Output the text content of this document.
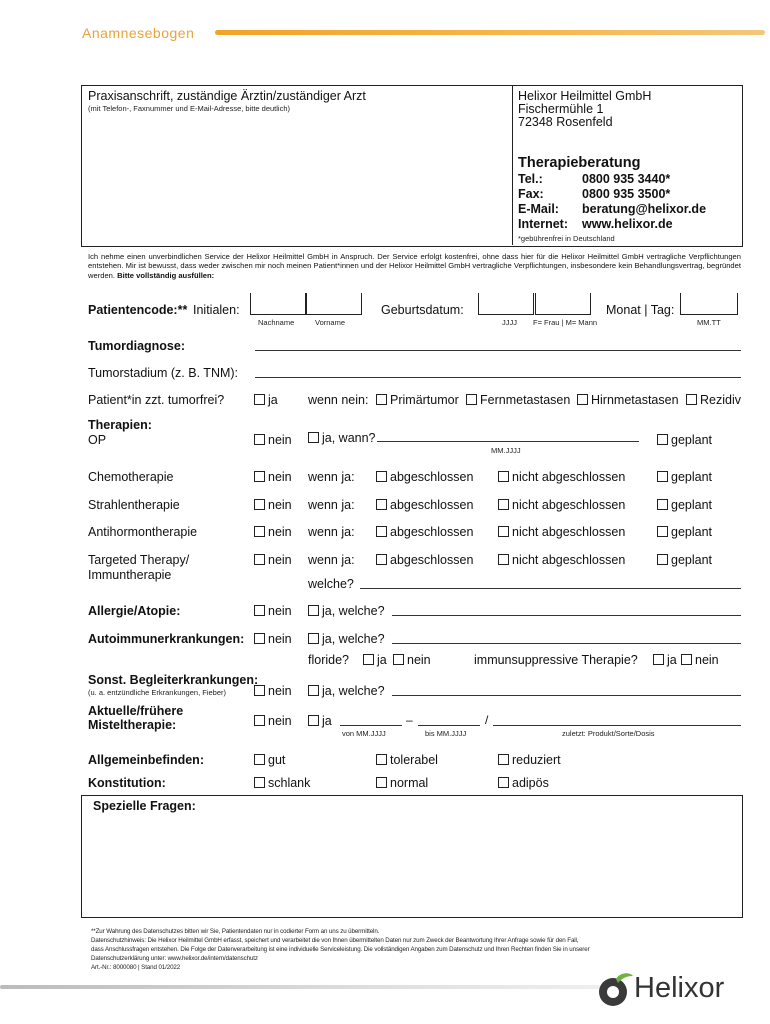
Anamnesebogen
Praxisanschrift, zuständige Ärztin/zuständiger Arzt
(mit Telefon-, Faxnummer und E-Mail-Adresse, bitte deutlich)
Helixor Heilmittel GmbH
Fischermühle 1
72348 Rosenfeld
Therapieberatung
Tel.:	0800 935 3440*
Fax:	0800 935 3500*
E-Mail: beratung@helixor.de
Internet: www.helixor.de
*gebührenfrei in Deutschland
Ich nehme einen unverbindlichen Service der Helixor Heilmittel GmbH in Anspruch. Der Service erfolgt kostenfrei, ohne dass hier für die Helixor Heilmittel GmbH vertragliche Verpflichtungen entstehen. Mir ist bewusst, dass weder zwischen mir noch meinen Patient*innen und der Helixor Heilmittel GmbH vertragliche Verpflichtungen, insbesondere kein Behandlungsvertrag, begründet werden. Bitte vollständig ausfüllen:
Patientencode:** Initialen:
Nachname	Vorname
Geburtsdatum:
JJJJ F= Frau | M= Mann
Monat | Tag:
MM.TT
Tumordiagnose:
Tumorstadium (z. B. TNM):
Patient*in zzt. tumorfrei?	ja wenn nein:	Primärtumor	Fernmetastasen	Hirnmetastasen	Rezidiv
Therapien:
OP	nein	ja, wann?
MM.JJJJ
geplant
Chemotherapie	nein wenn ja:	abgeschlossen	nicht abgeschlossen	geplant
Strahlentherapie	nein wenn ja:	abgeschlossen	nicht abgeschlossen	geplant
Antihormontherapie	nein wenn ja:	abgeschlossen	nicht abgeschlossen	geplant
Targeted Therapy/
Immuntherapie
nein wenn ja:	abgeschlossen	nicht abgeschlossen	geplant
welche?
Allergie/Atopie:	nein	ja, welche?
Autoimmunerkrankungen:	nein	ja, welche?
floride?	ja	nein	immunsuppressive Therapie?	ja	nein
Sonst. Begleiterkrankungen:
(u. a. entzündliche Erkrankungen, Fieber)	nein	ja, welche?
Aktuelle/frühere
Misteltherapie:	nein	ja	–	/
von MM.JJJJ	bis MM.JJJJ	zuletzt: Produkt/Sorte/Dosis
Allgemeinbefinden:	gut	tolerabel	reduziert
Konstitution:	schlank	normal	adipös
Spezielle Fragen:
**Zur Wahrung des Datenschutzes bitten wir Sie, Patientendaten nur in codierter Form an uns zu übermitteln.
Datenschutzhinweis: Die Helixor Heilmittel GmbH erfasst, speichert und verarbeitet die von Ihnen übermittelten Daten nur zum Zweck der Beantwortung Ihrer Anfrage sowie für den Fall,
dass Anschlussfragen entstehen. Die Folge der Datenverarbeitung ist eine individuelle Serviceleistung. Die vollständigen Angaben zum Datenschutz und Ihren Rechten finden Sie in unserer
Datenschutzerklärung unter: www.helixor.de/intern/datenschutz
Art.-Nr.: 8000080 | Stand 01/2022
Helixor
